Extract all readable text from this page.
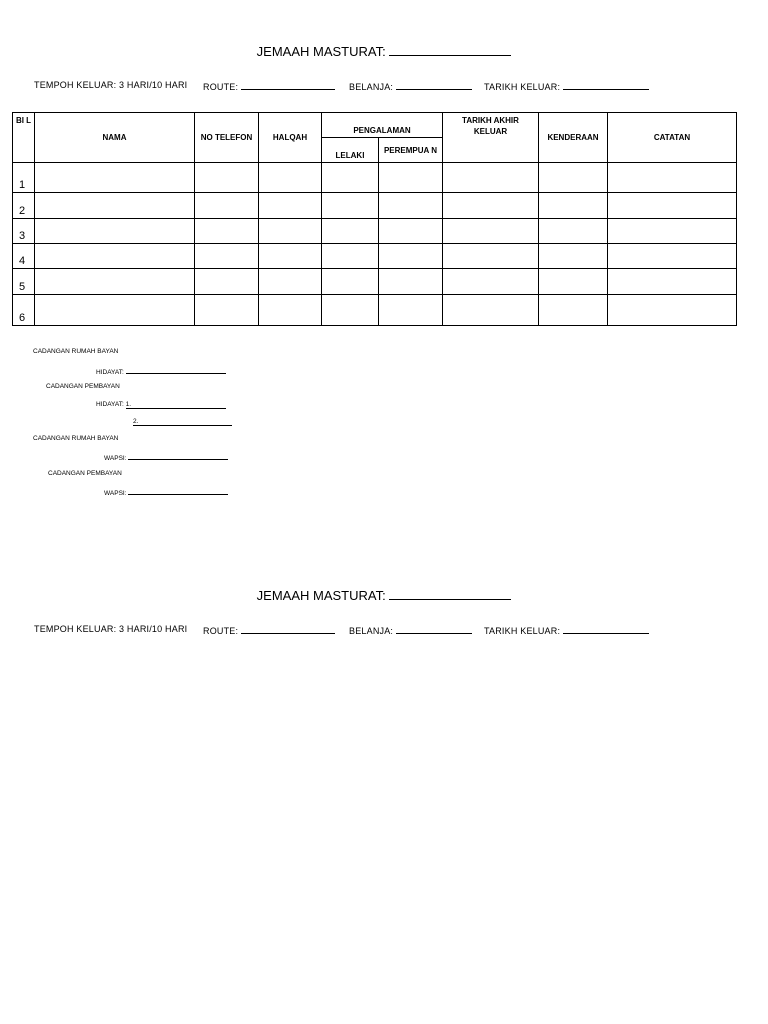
JEMAAH MASTURAT:
TEMPOH KELUAR: 3 HARI/10 HARI ROUTE:	BELANJA:	TARIKH KELUAR:
BI L	NAMA	NO TELEFON	HALQAH	PENGALAMAN		TARIKH AKHIR KELUAR	KENDERAAN	CATATAN
				LELAKI	PEREMPUA N			
1								
2								
3								
4								
5								
6								
CADANGAN RUMAH BAYAN
HIDAYAT:
CADANGAN PEMBAYAN
HIDAYAT: 1.
2.
CADANGAN RUMAH BAYAN
WAPSI:
CADANGAN PEMBAYAN
WAPSI:
JEMAAH MASTURAT:
TEMPOH KELUAR: 3 HARI/10 HARI ROUTE:	BELANJA:	TARIKH KELUAR:
